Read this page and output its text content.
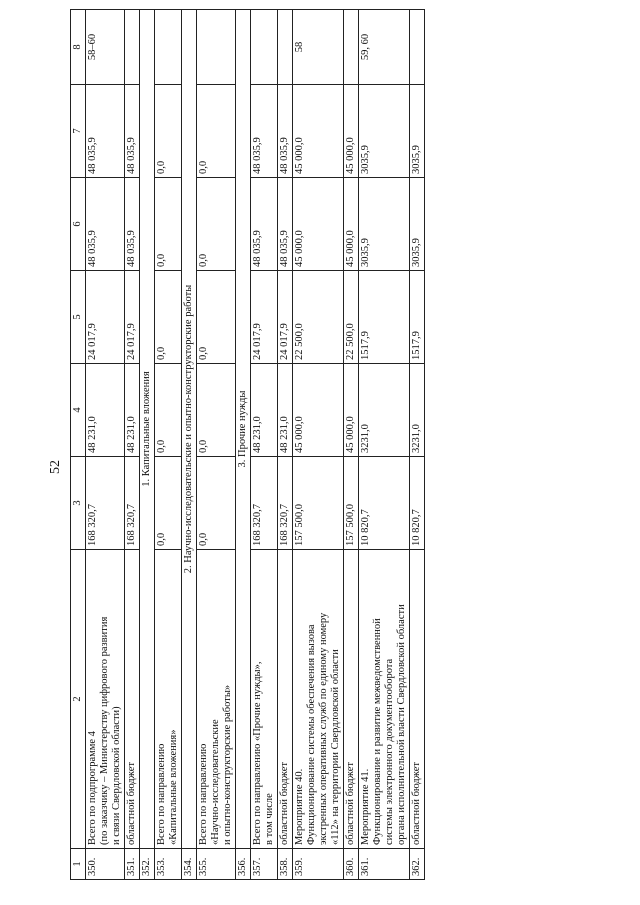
52
1	2	3	4	5	6	7	8
350.	Всего по подпрограмме 4
(по заказчику – Министерству цифрового развития
и связи Свердловской области)	168 320,7	48 231,0	24 017,9	48 035,9	48 035,9	58–60
351.	областной бюджет	168 320,7	48 231,0	24 017,9	48 035,9	48 035,9	
352.	1. Капитальные вложения						
353.	Всего по направлению
«Капитальные вложения»	0,0	0,0	0,0	0,0	0,0	
354.	2. Научно-исследовательские и опытно-конструкторские работы						
355.	Всего по направлению
«Научно-исследовательские
и опытно-конструкторские работы»	0,0	0,0	0,0	0,0	0,0	
356.	3. Прочие нужды						
357.	Всего по направлению «Прочие нужды»,
в том числе	168 320,7	48 231,0	24 017,9	48 035,9	48 035,9	
358.	областной бюджет	168 320,7	48 231,0	24 017,9	48 035,9	48 035,9	
359.	Мероприятие 40.
Функционирование системы обеспечения вызова
экстренных оперативных служб по единому номеру
«112» на территории Свердловской области	157 500,0	45 000,0	22 500,0	45 000,0	45 000,0	58
360.	областной бюджет	157 500,0	45 000,0	22 500,0	45 000,0	45 000,0	
361.	Мероприятие 41.
Функционирование и развитие межведомственной
системы электронного документооборота
органа исполнительной власти Свердловской области	10 820,7	3231,0	1517,9	3035,9	3035,9	59, 60
362.	областной бюджет	10 820,7	3231,0	1517,9	3035,9	3035,9	
